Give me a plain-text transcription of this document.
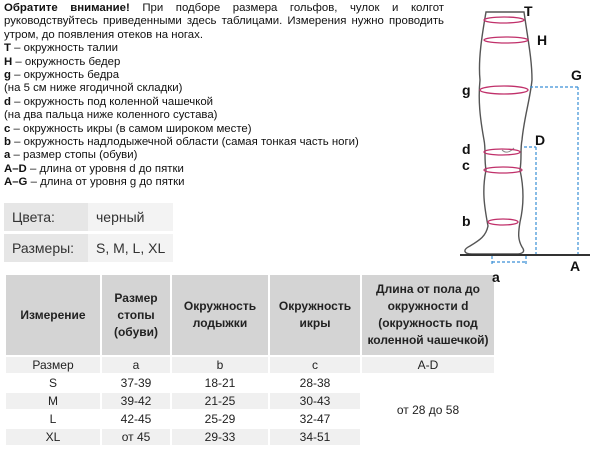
Обратите внимание! При подборе размера гольфов, чулок и колгот руководствуйтесь приведенными здесь таблицами. Измерения нужно проводить утром, до появления отеков на ногах.
T – окружность талии
H – окружность бедер
g – окружность бедра
(на 5 см ниже ягодичной складки)
d – окружность под коленной чашечкой
(на два пальца ниже коленного сустава)
c – окружность икры (в самом широком месте)
b – окружность надлодыжечной области (самая тонкая часть ноги)
a – размер стопы (обуви)
A–D – длина от уровня d до пятки
A–G – длина от уровня g до пятки
Цвета:	черный
Размеры:	S, M, L, XL
Измерение	Размер стопы (обуви)	Окружность лодыжки	Окружность икры	Длина от пола до окружности d (окружность под коленной чашечкой)
Размер	a	b	c	A-D
S	37-39	18-21	28-38	от 28 до 58
M	39-42	21-25	30-43	
L	42-45	25-29	32-47	
XL	от 45	29-33	34-51	
T
H
G
g
D
d
c
b
A
a
